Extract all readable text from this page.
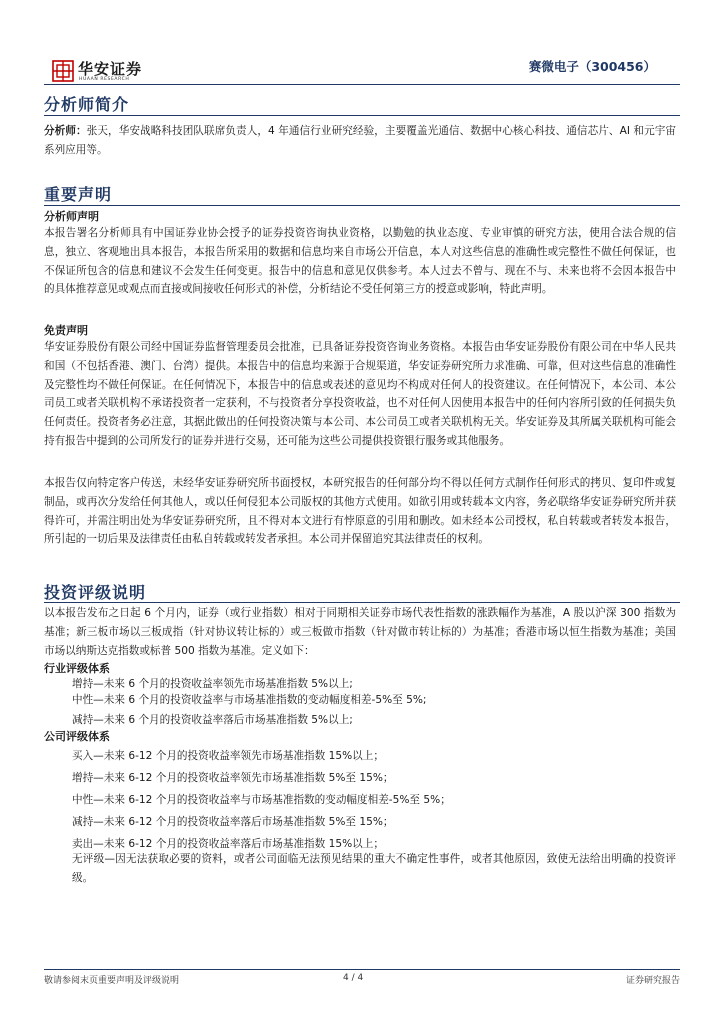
华安证券
HUAAN RESEARCH
赛微电子（300456）
分析师简介

分析师：张天，华安战略科技团队联席负责人，4 年通信行业研究经验，主要覆盖光通信、数据中心核心科技、通信芯片、AI 和元宇宙系列应用等。

重要声明
分析师声明

本报告署名分析师具有中国证券业协会授予的证券投资咨询执业资格，以勤勉的执业态度、专业审慎的研究方法，使用合法合规的信息，独立、客观地出具本报告，本报告所采用的数据和信息均来自市场公开信息，本人对这些信息的准确性或完整性不做任何保证，也不保证所包含的信息和建议不会发生任何变更。报告中的信息和意见仅供参考。本人过去不曾与、现在不与、未来也将不会因本报告中的具体推荐意见或观点而直接或间接收任何形式的补偿，分析结论不受任何第三方的授意或影响，特此声明。

免责声明

华安证券股份有限公司经中国证券监督管理委员会批准，已具备证券投资咨询业务资格。本报告由华安证券股份有限公司在中华人民共和国（不包括香港、澳门、台湾）提供。本报告中的信息均来源于合规渠道，华安证券研究所力求准确、可靠，但对这些信息的准确性及完整性均不做任何保证。在任何情况下，本报告中的信息或表述的意见均不构成对任何人的投资建议。在任何情况下，本公司、本公司员工或者关联机构不承诺投资者一定获利，不与投资者分享投资收益，也不对任何人因使用本报告中的任何内容所引致的任何损失负任何责任。投资者务必注意，其据此做出的任何投资决策与本公司、本公司员工或者关联机构无关。华安证券及其所属关联机构可能会持有报告中提到的公司所发行的证券并进行交易，还可能为这些公司提供投资银行服务或其他服务。

本报告仅向特定客户传送，未经华安证券研究所书面授权，本研究报告的任何部分均不得以任何方式制作任何形式的拷贝、复印件或复制品，或再次分发给任何其他人，或以任何侵犯本公司版权的其他方式使用。如欲引用或转载本文内容，务必联络华安证券研究所并获得许可，并需注明出处为华安证券研究所，且不得对本文进行有悖原意的引用和删改。如未经本公司授权，私自转载或者转发本报告，所引起的一切后果及法律责任由私自转载或转发者承担。本公司并保留追究其法律责任的权利。

投资评级说明

以本报告发布之日起 6 个月内，证券（或行业指数）相对于同期相关证券市场代表性指数的涨跌幅作为基准，A 股以沪深 300 指数为基准；新三板市场以三板成指（针对协议转让标的）或三板做市指数（针对做市转让标的）为基准；香港市场以恒生指数为基准；美国市场以纳斯达克指数或标普 500 指数为基准。定义如下：

行业评级体系
增持—未来 6 个月的投资收益率领先市场基准指数 5%以上;
中性—未来 6 个月的投资收益率与市场基准指数的变动幅度相差-5%至 5%;
减持—未来 6 个月的投资收益率落后市场基准指数 5%以上;
公司评级体系
买入—未来 6-12 个月的投资收益率领先市场基准指数 15%以上；
增持—未来 6-12 个月的投资收益率领先市场基准指数 5%至 15%；
中性—未来 6-12 个月的投资收益率与市场基准指数的变动幅度相差-5%至 5%；
减持—未来 6-12 个月的投资收益率落后市场基准指数 5%至 15%；
卖出—未来 6-12 个月的投资收益率落后市场基准指数 15%以上；
无评级—因无法获取必要的资料，或者公司面临无法预见结果的重大不确定性事件，或者其他原因，致使无法给出明确的投资评级。
敬请参阅末页重要声明及评级说明	4 / 4	证券研究报告
